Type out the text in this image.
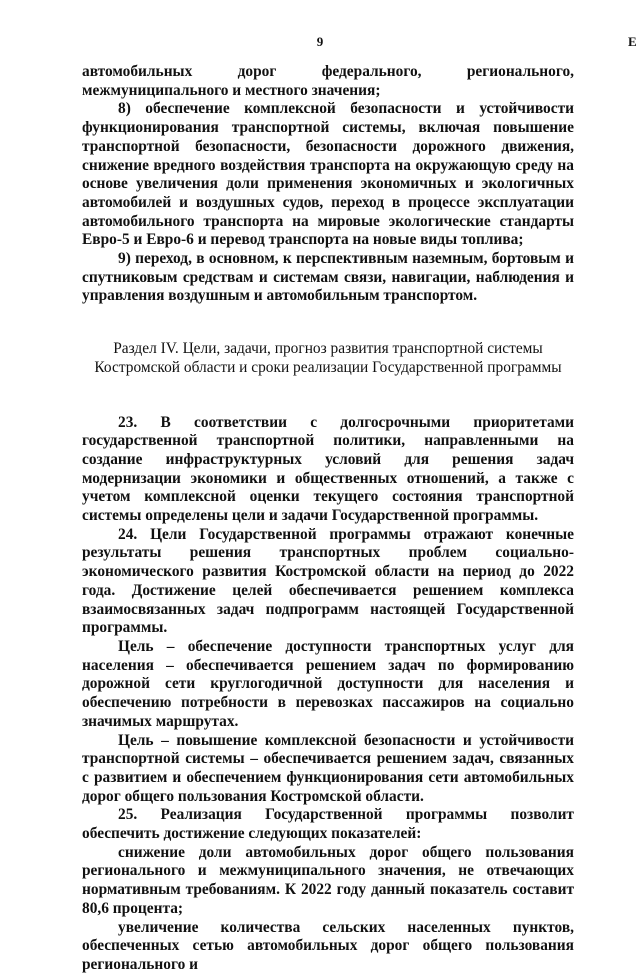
9	Е

автомобильных дорог федерального, регионального, межмуниципального и местного значения;

8) обеспечение комплексной безопасности и устойчивости функционирования транспортной системы, включая повышение транспортной безопасности, безопасности дорожного движения, снижение вредного воздействия транспорта на окружающую среду на основе увеличения доли применения экономичных и экологичных автомобилей и воздушных судов, переход в процессе эксплуатации автомобильного транспорта на мировые экологические стандарты Евро-5 и Евро-6 и перевод транспорта на новые виды топлива;

9) переход, в основном, к перспективным наземным, бортовым и спутниковым средствам и системам связи, навигации, наблюдения и управления воздушным и автомобильным транспортом.

Раздел IV. Цели, задачи, прогноз развития транспортной системы
Костромской области и сроки реализации Государственной программы

23. В соответствии с долгосрочными приоритетами государственной транспортной политики, направленными на создание инфраструктурных условий для решения задач модернизации экономики и общественных отношений, а также с учетом комплексной оценки текущего состояния транспортной системы определены цели и задачи Государственной программы.

24. Цели Государственной программы отражают конечные результаты решения транспортных проблем социально-экономического развития Костромской области на период до 2022 года. Достижение целей обеспечивается решением комплекса взаимосвязанных задач подпрограмм настоящей Государственной программы.

Цель – обеспечение доступности транспортных услуг для населения – обеспечивается решением задач по формированию дорожной сети круглогодичной доступности для населения и обеспечению потребности в перевозках пассажиров на социально значимых маршрутах.

Цель – повышение комплексной безопасности и устойчивости транспортной системы – обеспечивается решением задач, связанных с развитием и обеспечением функционирования сети автомобильных дорог общего пользования Костромской области.

25. Реализация Государственной программы позволит обеспечить достижение следующих показателей:

снижение доли автомобильных дорог общего пользования регионального и межмуниципального значения, не отвечающих нормативным требованиям. К 2022 году данный показатель составит 80,6 процента;

увеличение количества сельских населенных пунктов, обеспеченных сетью автомобильных дорог общего пользования регионального и
